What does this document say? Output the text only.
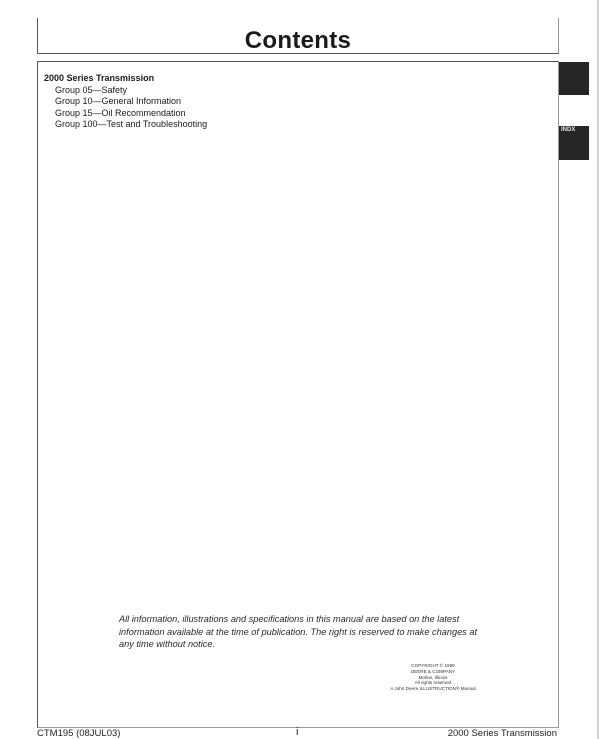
Contents
2000 Series Transmission
Group 05—Safety
Group 10—General Information
Group 15—Oil Recommendation
Group 100—Test and Troubleshooting
All information, illustrations and specifications in this manual are based on the latest information available at the time of publication. The right is reserved to make changes at any time without notice.
COPYRIGHT © 1999
DEERE & COMPANY
Moline, Illinois
All rights reserved
A John Deere ILLUSTRUCTION® Manual
INDX
CTM195 (08JUL03)	i	2000 Series Transmission
